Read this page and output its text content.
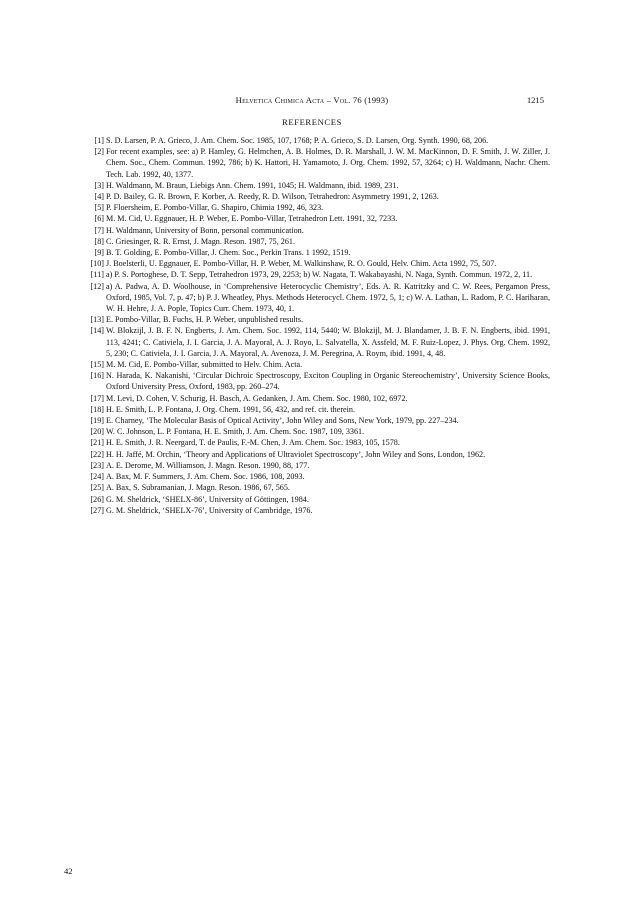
Helvetica Chimica Acta – Vol. 76 (1993)	1215
REFERENCES
[1] S. D. Larsen, P. A. Grieco, J. Am. Chem. Soc. 1985, 107, 1768; P. A. Grieco, S. D. Larsen, Org. Synth. 1990, 68, 206.
[2] For recent examples, see: a) P. Hamley, G. Helmchen, A. B. Holmes, D. R. Marshall, J. W. M. MacKinnon, D. F. Smith, J. W. Ziller, J. Chem. Soc., Chem. Commun. 1992, 786; b) K. Hattori, H. Yamamoto, J. Org. Chem. 1992, 57, 3264; c) H. Waldmann, Nachr. Chem. Tech. Lab. 1992, 40, 1377.
[3] H. Waldmann, M. Braun, Liebigs Ann. Chem. 1991, 1045; H. Waldmann, ibid. 1989, 231.
[4] P. D. Bailey, G. R. Brown, F. Korber, A. Reedy, R. D. Wilson, Tetrahedron: Asymmetry 1991, 2, 1263.
[5] P. Floersheim, E. Pombo-Villar, G. Shapiro, Chimia 1992, 46, 323.
[6] M. M. Cid, U. Eggnauer, H. P. Weber, E. Pombo-Villar, Tetrahedron Lett. 1991, 32, 7233.
[7] H. Waldmann, University of Bonn, personal communication.
[8] C. Griesinger, R. R. Ernst, J. Magn. Reson. 1987, 75, 261.
[9] B. T. Golding, E. Pombo-Villar, J. Chem. Soc., Perkin Trans. 1 1992, 1519.
[10] J. Boelsterli, U. Eggnauer, E. Pombo-Villar, H. P. Weber, M. Walkinshaw, R. O. Gould, Helv. Chim. Acta 1992, 75, 507.
[11] a) P. S. Portoghese, D. T. Sepp, Tetrahedron 1973, 29, 2253; b) W. Nagata, T. Wakabayashi, N. Naga, Synth. Commun. 1972, 2, 11.
[12] a) A. Padwa, A. D. Woolhouse, in ‘Comprehensive Heterocyclic Chemistry’, Eds. A. R. Katritzky and C. W. Rees, Pergamon Press, Oxford, 1985, Vol. 7, p. 47; b) P. J. Wheatley, Phys. Methods Heterocycl. Chem. 1972, 5, 1; c) W. A. Lathan, L. Radom, P. C. Hariharan, W. H. Hehre, J. A. Pople, Topics Curr. Chem. 1973, 40, 1.
[13] E. Pombo-Villar, B. Fuchs, H. P. Weber, unpublished results.
[14] W. Blokzijl, J. B. F. N. Engberts, J. Am. Chem. Soc. 1992, 114, 5440; W. Blokzijl, M. J. Blandamer, J. B. F. N. Engberts, ibid. 1991, 113, 4241; C. Cativiela, J. I. Garcia, J. A. Mayoral, A. J. Royo, L. Salvatella, X. Assfeld, M. F. Ruiz-Lopez, J. Phys. Org. Chem. 1992, 5, 230; C. Cativiela, J. I. Garcia, J. A. Mayoral, A. Avenoza, J. M. Peregrina, A. Roym, ibid. 1991, 4, 48.
[15] M. M. Cid, E. Pombo-Villar, submitted to Helv. Chim. Acta.
[16] N. Harada, K. Nakanishi, ‘Circular Dichroic Spectroscopy, Exciton Coupling in Organic Stereochemistry’, University Science Books, Oxford University Press, Oxford, 1983, pp. 260–274.
[17] M. Levi, D. Cohen, V. Schurig, H. Basch, A. Gedanken, J. Am. Chem. Soc. 1980, 102, 6972.
[18] H. E. Smith, L. P. Fontana, J. Org. Chem. 1991, 56, 432, and ref. cit. therein.
[19] E. Charney, ‘The Molecular Basis of Optical Activity’, John Wiley and Sons, New York, 1979, pp. 227–234.
[20] W. C. Johnson, L. P. Fontana, H. E. Smith, J. Am. Chem. Soc. 1987, 109, 3361.
[21] H. E. Smith, J. R. Neergard, T. de Paulis, F.-M. Chen, J. Am. Chem. Soc. 1983, 105, 1578.
[22] H. H. Jaffé, M. Orchin, ‘Theory and Applications of Ultraviolet Spectroscopy’, John Wiley and Sons, London, 1962.
[23] A. E. Derome, M. Williamson, J. Magn. Reson. 1990, 88, 177.
[24] A. Bax, M. F. Summers, J. Am. Chem. Soc. 1986, 108, 2093.
[25] A. Bax, S. Subramanian, J. Magn. Reson. 1986, 67, 565.
[26] G. M. Sheldrick, ‘SHELX-86’, University of Göttingen, 1984.
[27] G. M. Sheldrick, ‘SHELX-76’, University of Cambridge, 1976.
42
